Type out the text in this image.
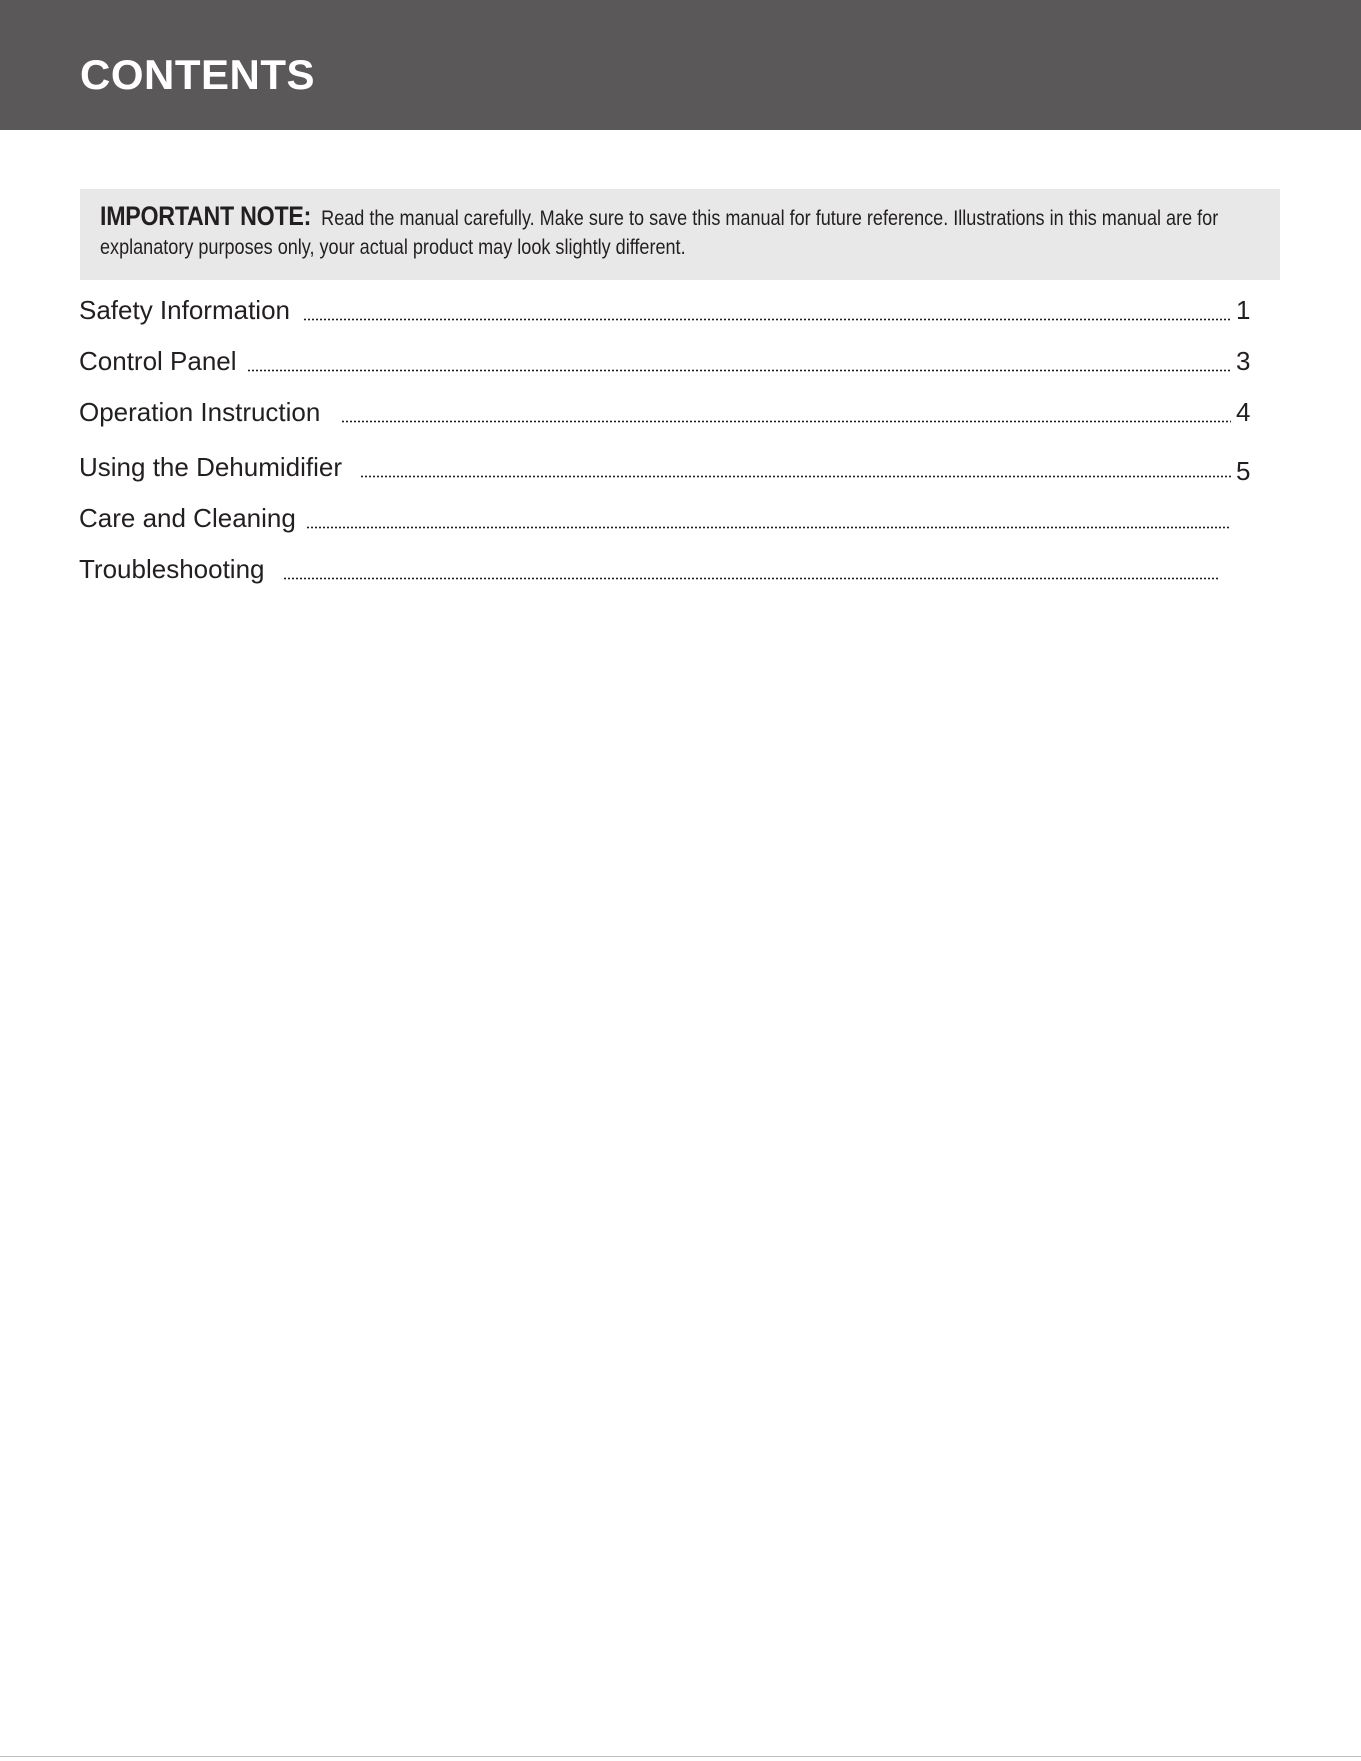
CONTENTS

IMPORTANT NOTE: Read the manual carefully. Make sure to save this manual for future reference. Illustrations in this manual are for explanatory purposes only, your actual product may look slightly different.

Safety Information	1
Control Panel	3
Operation Instruction	4
Using the Dehumidifier	5
Care and Cleaning
Troubleshooting
